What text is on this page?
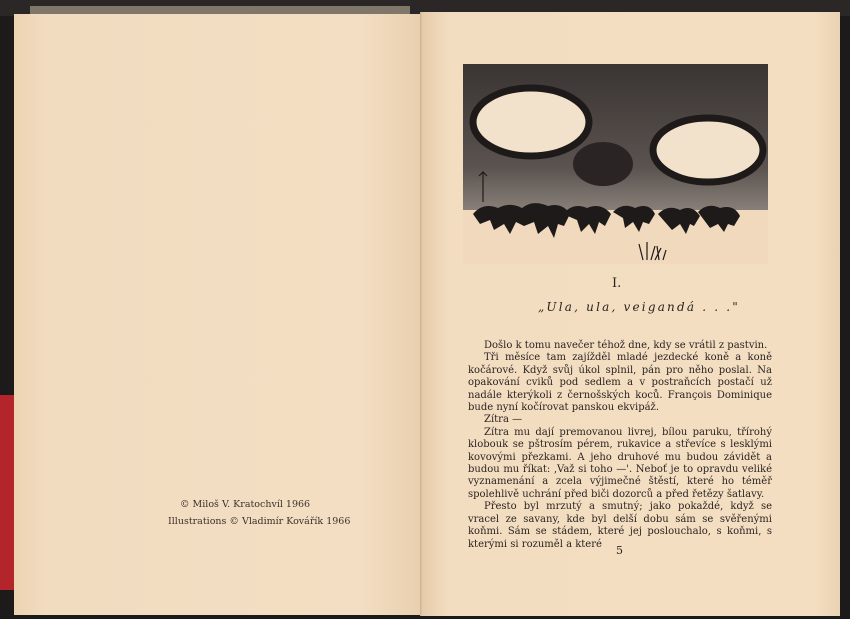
© Miloš V. Kratochvíl 1966
Illustrations © Vladimír Kovářík 1966
I.
„Ula, ula, veigandá . . ."

Došlo k tomu navečer téhož dne, kdy se vrátil z pastvin.

Tři měsíce tam zajížděl mladé jezdecké koně a koně kočárové. Když svůj úkol splnil, pán pro něho poslal. Na opakování cviků pod sedlem a v postraňcích postačí už nadále kterýkoli z černošských koců. François Dominique bude nyní kočírovat panskou ekvipáž.

Zítra —

Zítra mu dají premovanou livrej, bílou paruku, třírohý klobouk se pštrosím pérem, rukavice a střevíce s lesklými kovovými přezkami. A jeho druhové mu budou závidět a budou mu říkat: ‚Važ si toho —'. Neboť je to opravdu veliké vyznamenání a zcela výjimečné štěstí, které ho téměř spolehlivě uchrání před biči dozorců a před řetězy šatlavy.

Přesto byl mrzutý a smutný; jako pokaždé, když se vracel ze savany, kde byl delší dobu sám se svěřenými koňmi. Sám se stádem, které jej poslouchalo, s koňmi, s kterými si rozuměl a které	5
